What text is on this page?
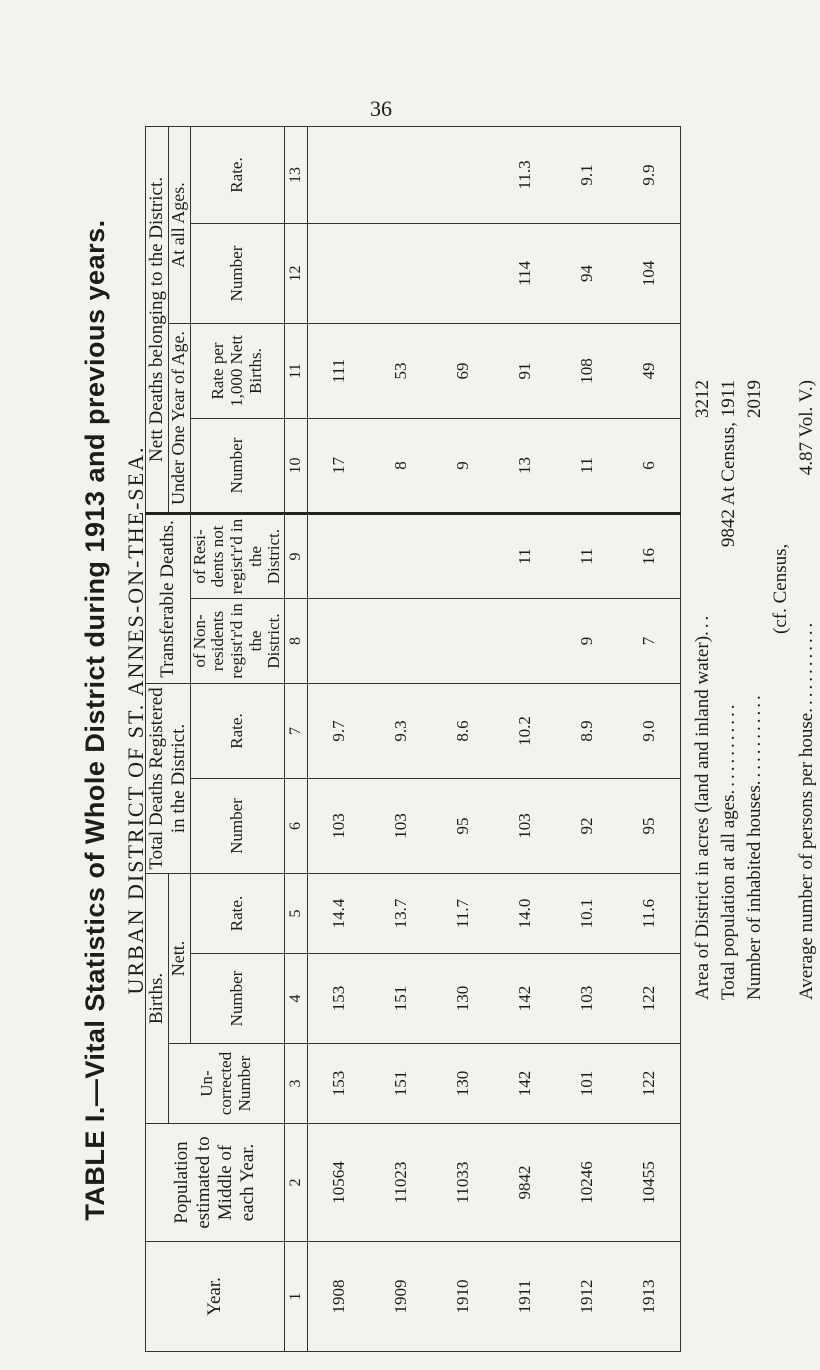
36
TABLE I.—Vital Statistics of Whole District during 1913 and previous years. URBAN DISTRICT OF ST. ANNES-ON-THE-SEA.
Year.	Population estimated to Middle of each Year.	Births.			Total Deaths Registered in the District.		Transferable Deaths.		Nett Deaths belonging to the District.			
		Un-corrected Number	Nett.						Under One Year of Age.		At all Ages.	
			Number	Rate.	Number	Rate.	of Non-residents regist'r'd in the District.	of Resi-dents not regist'r'd in the District.	Number	Rate per 1,000 Nett Births.	Number	Rate.
1	2	3	4	5	6	7	8	9	10	11	12	13
1908	10564	153	153	14.4	103	9.7			17	111		
1909	11023	151	151	13.7	103	9.3			8	53		
1910	11033	130	130	11.7	95	8.6			9	69		
1911	9842	142	142	14.0	103	10.2		11	13	91	114	11.3
1912	10246	101	103	10.1	92	8.9	9	11	11	108	94	9.1
1913	10455	122	122	11.6	95	9.0	7	16	6	49	104	9.9
Area of District in acres (land and inland water)
...
3212
Total population at all ages
............
9842 At Census, 1911
Number of inhabited houses
............
2019
(cf. Census,
Average number of persons per house
............
4.87 Vol. V.)
